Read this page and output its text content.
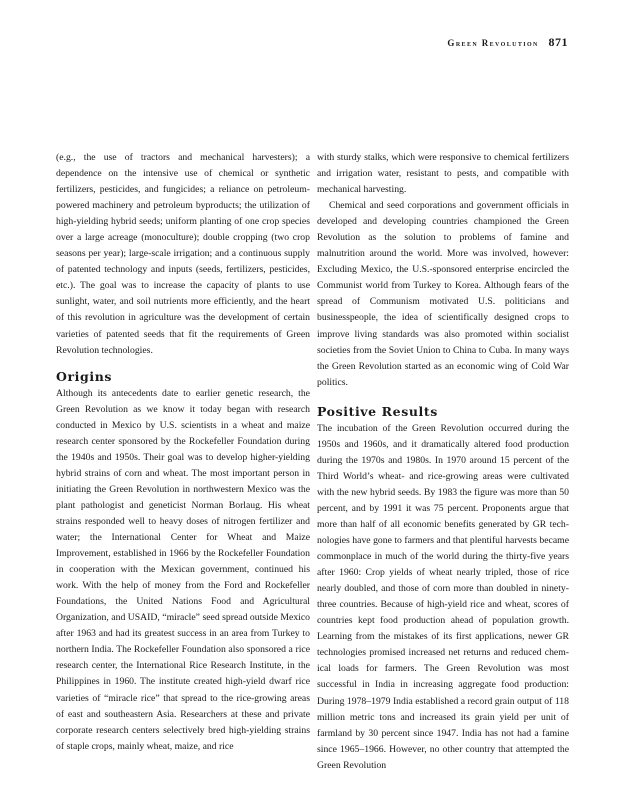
Green Revolution 871

(e.g., the use of tractors and mechanical harvesters); a dependence on the intensive use of chemical or synthetic fertilizers, pesticides, and fungicides; a reliance on petroleum-powered machinery and petroleum byproducts; the utilization of high-yielding hybrid seeds; uniform planting of one crop species over a large acreage (monoculture); double cropping (two crop seasons per year); large-scale irrigation; and a continuous supply of patented technology and inputs (seeds, fertilizers, pesticides, etc.). The goal was to increase the capacity of plants to use sunlight, water, and soil nutrients more efficiently, and the heart of this revolution in agriculture was the development of certain varieties of patented seeds that fit the requirements of Green Revolution technologies.

Origins

Although its antecedents date to earlier genetic research, the Green Revolution as we know it today began with research conducted in Mexico by U.S. scientists in a wheat and maize research center sponsored by the Rockefeller Foundation during the 1940s and 1950s. Their goal was to develop higher-yielding hybrid strains of corn and wheat. The most important person in initiating the Green Revolution in northwestern Mexico was the plant pathologist and geneticist Norman Borlaug. His wheat strains responded well to heavy doses of nitrogen fertilizer and water; the International Center for Wheat and Maize Improvement, established in 1966 by the Rockefeller Foundation in cooperation with the Mexican government, continued his work. With the help of money from the Ford and Rockefeller Foundations, the United Nations Food and Agricultural Organization, and USAID, “miracle” seed spread outside Mexico after 1963 and had its greatest success in an area from Turkey to northern India. The Rockefeller Foundation also sponsored a rice research center, the International Rice Research Institute, in the Philippines in 1960. The institute created high-yield dwarf rice varieties of “miracle rice” that spread to the rice-growing areas of east and southeastern Asia. Researchers at these and private corporate research centers selectively bred high-yielding strains of staple crops, mainly wheat, maize, and rice

with sturdy stalks, which were responsive to chemical fertilizers and irrigation water, resistant to pests, and compatible with mechanical harvesting.

Chemical and seed corporations and government officials in developed and developing countries championed the Green Revolution as the solution to problems of famine and malnutrition around the world. More was involved, however: Excluding Mexico, the U.S.-sponsored enterprise encircled the Communist world from Turkey to Korea. Although fears of the spread of Communism motivated U.S. politicians and businesspeople, the idea of scientifically designed crops to improve living standards was also promoted within socialist societies from the Soviet Union to China to Cuba. In many ways the Green Revolution started as an economic wing of Cold War politics.

Positive Results

The incubation of the Green Revolution occurred during the 1950s and 1960s, and it dramatically altered food production during the 1970s and 1980s. In 1970 around 15 percent of the Third World’s wheat- and rice-growing areas were cultivated with the new hybrid seeds. By 1983 the figure was more than 50 percent, and by 1991 it was 75 percent. Proponents argue that more than half of all economic benefits generated by GR technologies have gone to farmers and that plentiful harvests became commonplace in much of the world during the thirty-five years after 1960: Crop yields of wheat nearly tripled, those of rice nearly doubled, and those of corn more than doubled in ninety-three countries. Because of high-yield rice and wheat, scores of countries kept food production ahead of population growth. Learning from the mistakes of its first applications, newer GR technologies promised increased net returns and reduced chemical loads for farmers. The Green Revolution was most successful in India in increasing aggregate food production: During 1978–1979 India established a record grain output of 118 million metric tons and increased its grain yield per unit of farmland by 30 percent since 1947. India has not had a famine since 1965–1966. However, no other country that attempted the Green Revolution
